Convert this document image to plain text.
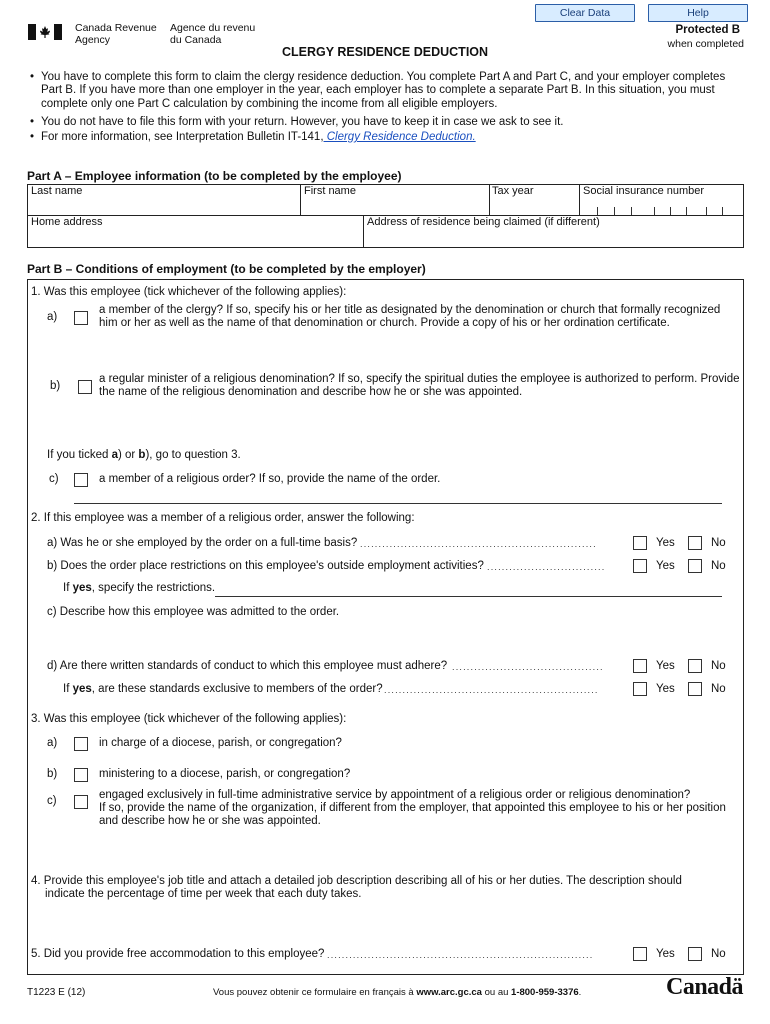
Clear Data	Help
Canada Revenue
Agency
Agence du revenu
du Canada
Protected B
when completed
CLERGY RESIDENCE DEDUCTION
• You have to complete this form to claim the clergy residence deduction. You complete Part A and Part C, and your employer completes Part B. If you have more than one employer in the year, each employer has to complete a separate Part B. In this situation, you must complete only one Part C calculation by combining the income from all eligible employers.
• You do not have to file this form with your return. However, you have to keep it in case we ask to see it.
• For more information, see Interpretation Bulletin IT-141, Clergy Residence Deduction.
Part A – Employee information (to be completed by the employee)
Last name	First name	Tax year	Social insurance number
Home address	Address of residence being claimed (if different)
Part B – Conditions of employment (to be completed by the employer)
1. Was this employee (tick whichever of the following applies):
a)
a member of the clergy? If so, specify his or her title as designated by the denomination or church that formally recognized
him or her as well as the name of that denomination or church. Provide a copy of his or her ordination certificate.
b)
a regular minister of a religious denomination? If so, specify the spiritual duties the employee is authorized to perform. Provide
the name of the religious denomination and describe how he or she was appointed.
If you ticked a) or b), go to question 3.
c)	a member of a religious order? If so, provide the name of the order.
2. If this employee was a member of a religious order, answer the following:
a) Was he or she employed by the order on a full-time basis? ................................................................	Yes	No
b) Does the order place restrictions on this employee's outside employment activities? ................................	Yes	No
If yes, specify the restrictions.
c) Describe how this employee was admitted to the order.
d) Are there written standards of conduct to which this employee must adhere? .........................................	Yes	No
If yes, are these standards exclusive to members of the order? ..........................................................	Yes	No
3. Was this employee (tick whichever of the following applies):
a)	in charge of a diocese, parish, or congregation?
b)	ministering to a diocese, parish, or congregation?
c)	engaged exclusively in full-time administrative service by appointment of a religious order or religious denomination?
If so, provide the name of the organization, if different from the employer, that appointed this employee to his or her position
and describe how he or she was appointed.
4. Provide this employee's job title and attach a detailed job description describing all of his or her duties. The description should
indicate the percentage of time per week that each duty takes.
5. Did you provide free accommodation to this employee? ........................................................................	Yes	No
T1223 E (12)	Vous pouvez obtenir ce formulaire en français à www.arc.gc.ca ou au 1-800-959-3376.	Canadä
